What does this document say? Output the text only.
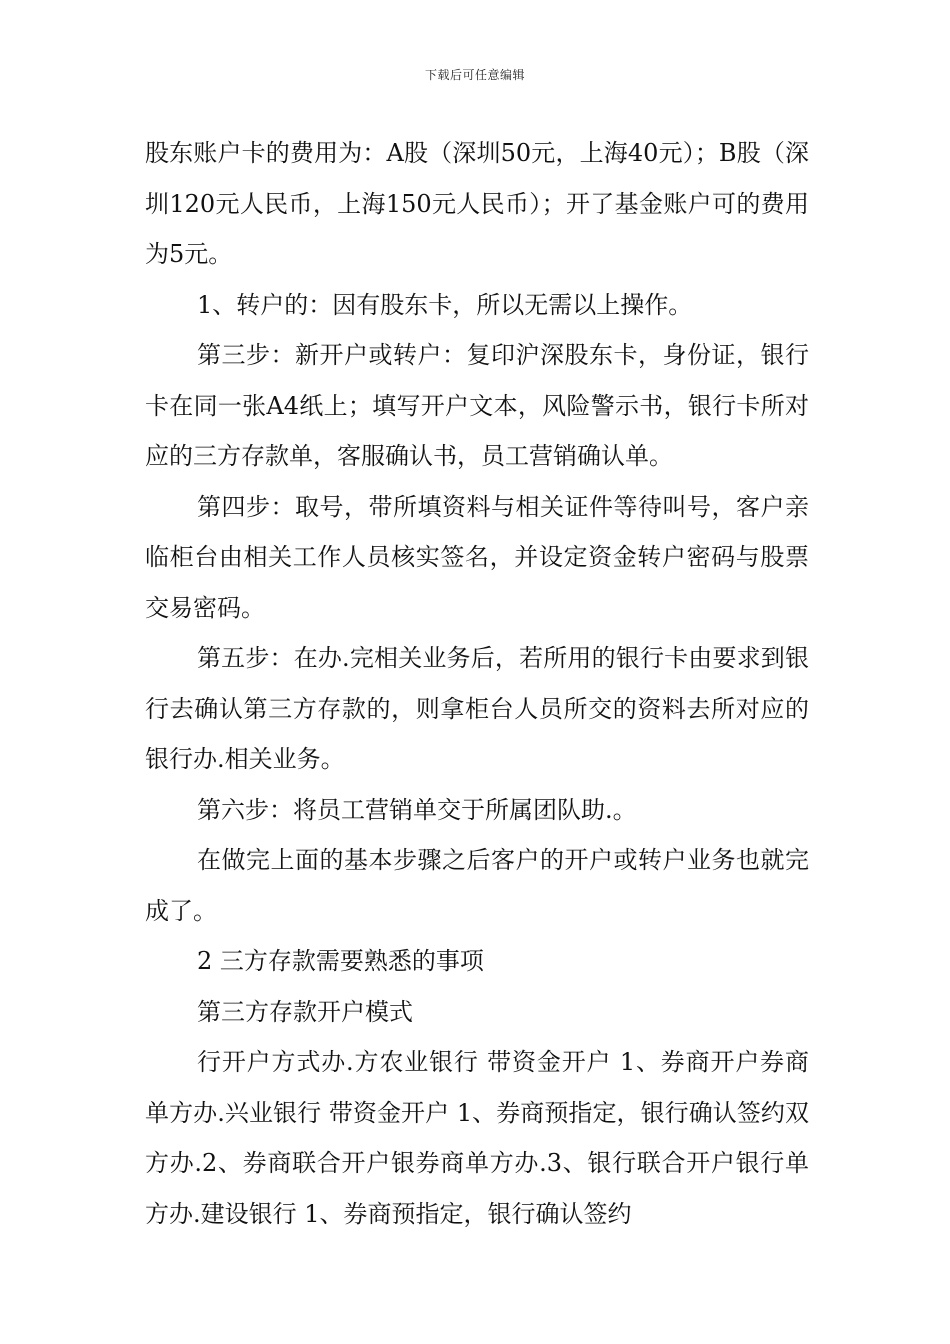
下载后可任意编辑

股东账户卡的费用为：A股（深圳50元，上海40元）；B股（深圳120元人民币，上海150元人民币）；开了基金账户可的费用为5元。

1、转户的：因有股东卡，所以无需以上操作。

第三步：新开户或转户：复印沪深股东卡，身份证，银行卡在同一张A4纸上；填写开户文本，风险警示书，银行卡所对应的三方存款单，客服确认书，员工营销确认单。

第四步：取号，带所填资料与相关证件等待叫号，客户亲临柜台由相关工作人员核实签名，并设定资金转户密码与股票交易密码。

第五步：在办.完相关业务后，若所用的银行卡由要求到银行去确认第三方存款的，则拿柜台人员所交的资料去所对应的银行办.相关业务。

第六步：将员工营销单交于所属团队助.。

在做完上面的基本步骤之后客户的开户或转户业务也就完成了。

2 三方存款需要熟悉的事项

第三方存款开户模式

行开户方式办.方农业银行 带资金开户 1、券商开户券商单方办.兴业银行 带资金开户 1、券商预指定，银行确认签约双方办.2、券商联合开户银券商单方办.3、银行联合开户银行单方办.建设银行 1、券商预指定，银行确认签约
